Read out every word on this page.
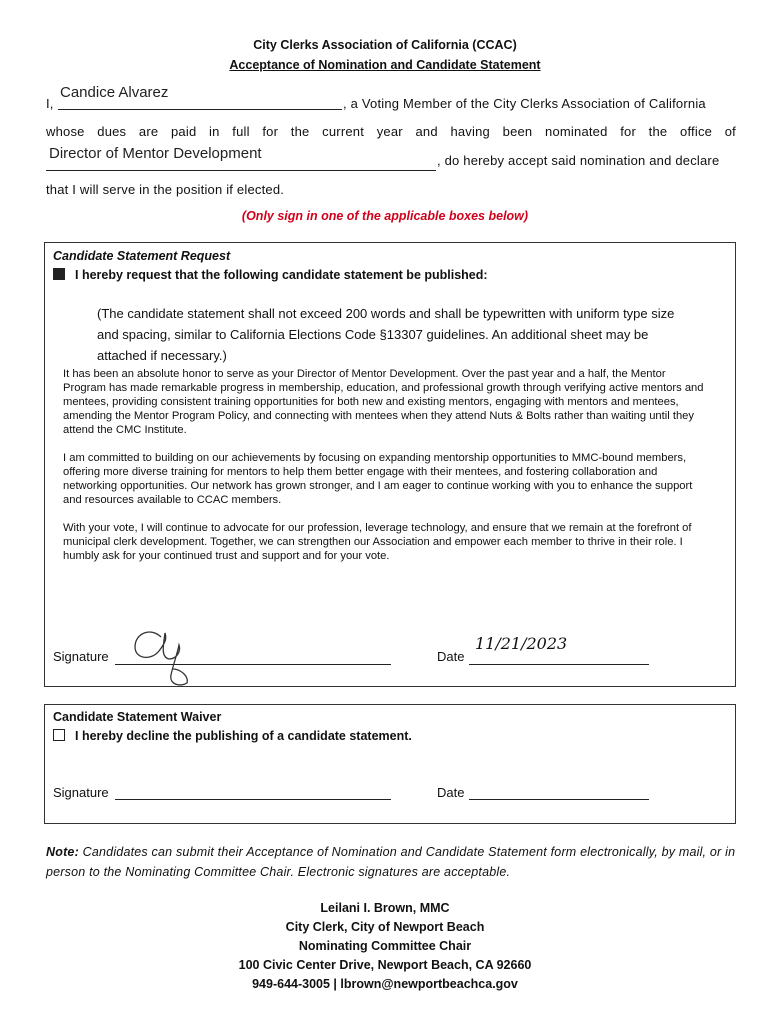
City Clerks Association of California (CCAC)
Acceptance of Nomination and Candidate Statement
I,
Candice Alvarez
, a Voting Member of the City Clerks Association of California
whose dues are paid in full for the current year and having been nominated for the office of
Director of Mentor Development	, do hereby accept said nomination and declare
that I will serve in the position if elected.
(Only sign in one of the applicable boxes below)
Candidate Statement Request
I hereby request that the following candidate statement be published:
(The candidate statement shall not exceed 200 words and shall be typewritten with uniform type size and spacing, similar to California Elections Code §13307 guidelines. An additional sheet may be attached if necessary.)

It has been an absolute honor to serve as your Director of Mentor Development. Over the past year and a half, the Mentor Program has made remarkable progress in membership, education, and professional growth through verifying active mentors and mentees, providing consistent training opportunities for both new and existing mentors, engaging with mentors and mentees, amending the Mentor Program Policy, and connecting with mentees when they attend Nuts & Bolts rather than waiting until they attend the CMC Institute.

I am committed to building on our achievements by focusing on expanding mentorship opportunities to MMC-bound members, offering more diverse training for mentors to help them better engage with their mentees, and fostering collaboration and networking opportunities. Our network has grown stronger, and I am eager to continue working with you to enhance the support and resources available to CCAC members.

With your vote, I will continue to advocate for our profession, leverage technology, and ensure that we remain at the forefront of municipal clerk development. Together, we can strengthen our Association and empower each member to thrive in their role. I humbly ask for your continued trust and support and for your vote.

Signature	Date
11/21/2023
Candidate Statement Waiver
I hereby decline the publishing of a candidate statement.
Signature	Date
Note: Candidates can submit their Acceptance of Nomination and Candidate Statement form electronically, by mail, or in person to the Nominating Committee Chair. Electronic signatures are acceptable.
Leilani I. Brown, MMC
City Clerk, City of Newport Beach
Nominating Committee Chair
100 Civic Center Drive, Newport Beach, CA 92660
949-644-3005 | lbrown@newportbeachca.gov
